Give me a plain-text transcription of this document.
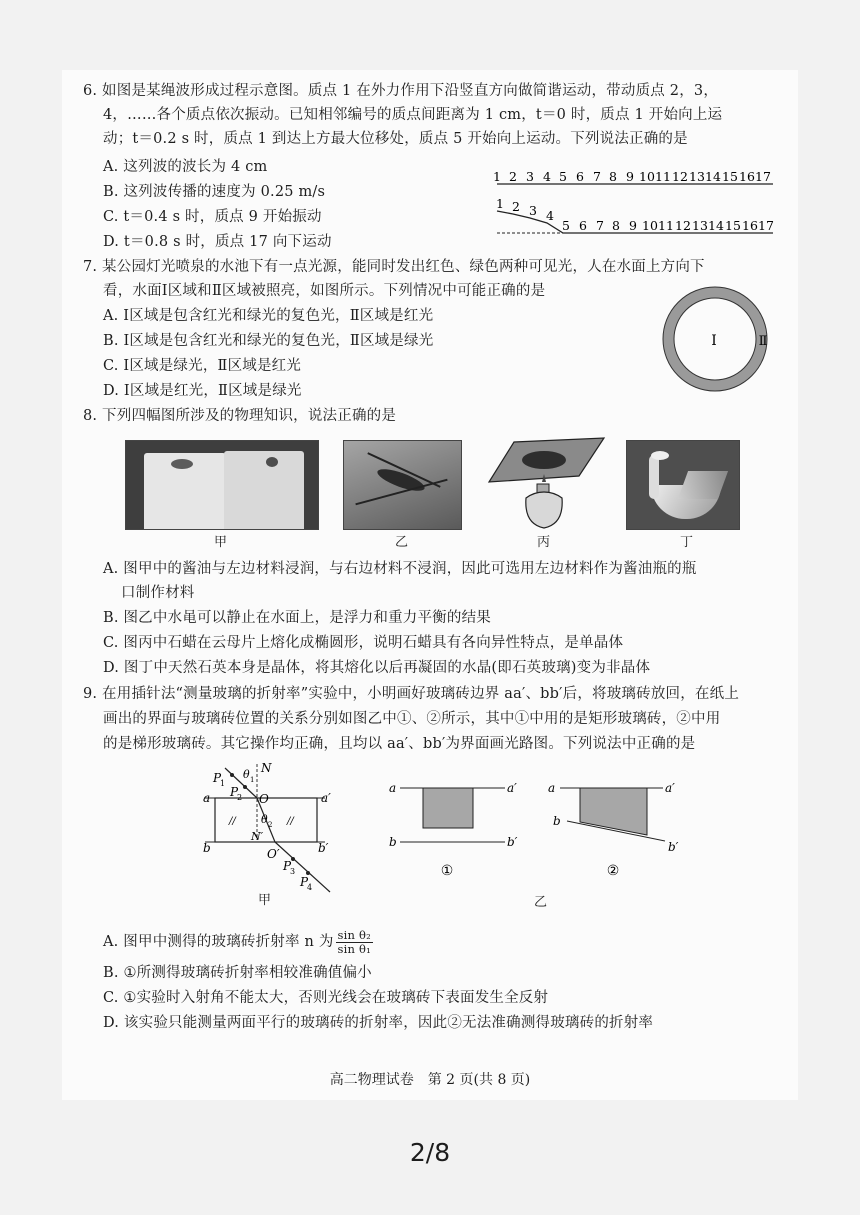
6. 如图是某绳波形成过程示意图。质点 1 在外力作用下沿竖直方向做简谐运动，带动质点 2，3，
4，……各个质点依次振动。已知相邻编号的质点间距离为 1 cm，t＝0 时，质点 1 开始向上运
动；t＝0.2 s 时，质点 1 到达上方最大位移处，质点 5 开始向上运动。下列说法正确的是
A. 这列波的波长为 4 cm
B. 这列波传播的速度为 0.25 m/s
C. t＝0.4 s 时，质点 9 开始振动
D. t＝0.8 s 时，质点 17 向下运动
1 2 3 4 5 6 7 8 9 10 11 12 13 14 15 16 17
1 2 3 4
5 6 7 8 9 10 11 12 13 14 15 16 17
7. 某公园灯光喷泉的水池下有一点光源，能同时发出红色、绿色两种可见光，人在水面上方向下
看，水面Ⅰ区域和Ⅱ区域被照亮，如图所示。下列情况中可能正确的是
A. Ⅰ区域是包含红光和绿光的复色光，Ⅱ区域是红光
B. Ⅰ区域是包含红光和绿光的复色光，Ⅱ区域是绿光
C. Ⅰ区域是绿光，Ⅱ区域是红光
D. Ⅰ区域是红光，Ⅱ区域是绿光
Ⅰ	Ⅱ
8. 下列四幅图所涉及的物理知识，说法正确的是
甲	乙	丙	丁
A. 图甲中的酱油与左边材料浸润，与右边材料不浸润，因此可选用左边材料作为酱油瓶的瓶
口制作材料
B. 图乙中水黾可以静止在水面上，是浮力和重力平衡的结果
C. 图丙中石蜡在云母片上熔化成椭圆形，说明石蜡具有各向异性特点，是单晶体
D. 图丁中天然石英本身是晶体，将其熔化以后再凝固的水晶(即石英玻璃)变为非晶体
9. 在用插针法“测量玻璃的折射率”实验中，小明画好玻璃砖边界 aa′、bb′后，将玻璃砖放回，在纸上
画出的界面与玻璃砖位置的关系分别如图乙中①、②所示，其中①中用的是矩形玻璃砖，②中用
的是梯形玻璃砖。其它操作均正确，且均以 aa′、bb′为界面画光路图。下列说法中正确的是
P
1
P
2
N
θ 1
O
θ 2
N′
a	a′
b	b′
O′
P
3
P
4
//	//
甲
a	a′
b	b′
①
a	a′
b
b′
②
乙
A. 图甲中测得的玻璃砖折射率 n 为 $\frac{\text{sin θ₂}}{\text{sin θ₁}}$
B. ①所测得玻璃砖折射率相较准确值偏小
C. ①实验时入射角不能太大，否则光线会在玻璃砖下表面发生全反射
D. 该实验只能测量两面平行的玻璃砖的折射率，因此②无法准确测得玻璃砖的折射率
高二物理试卷　第 2 页(共 8 页)
2/8
